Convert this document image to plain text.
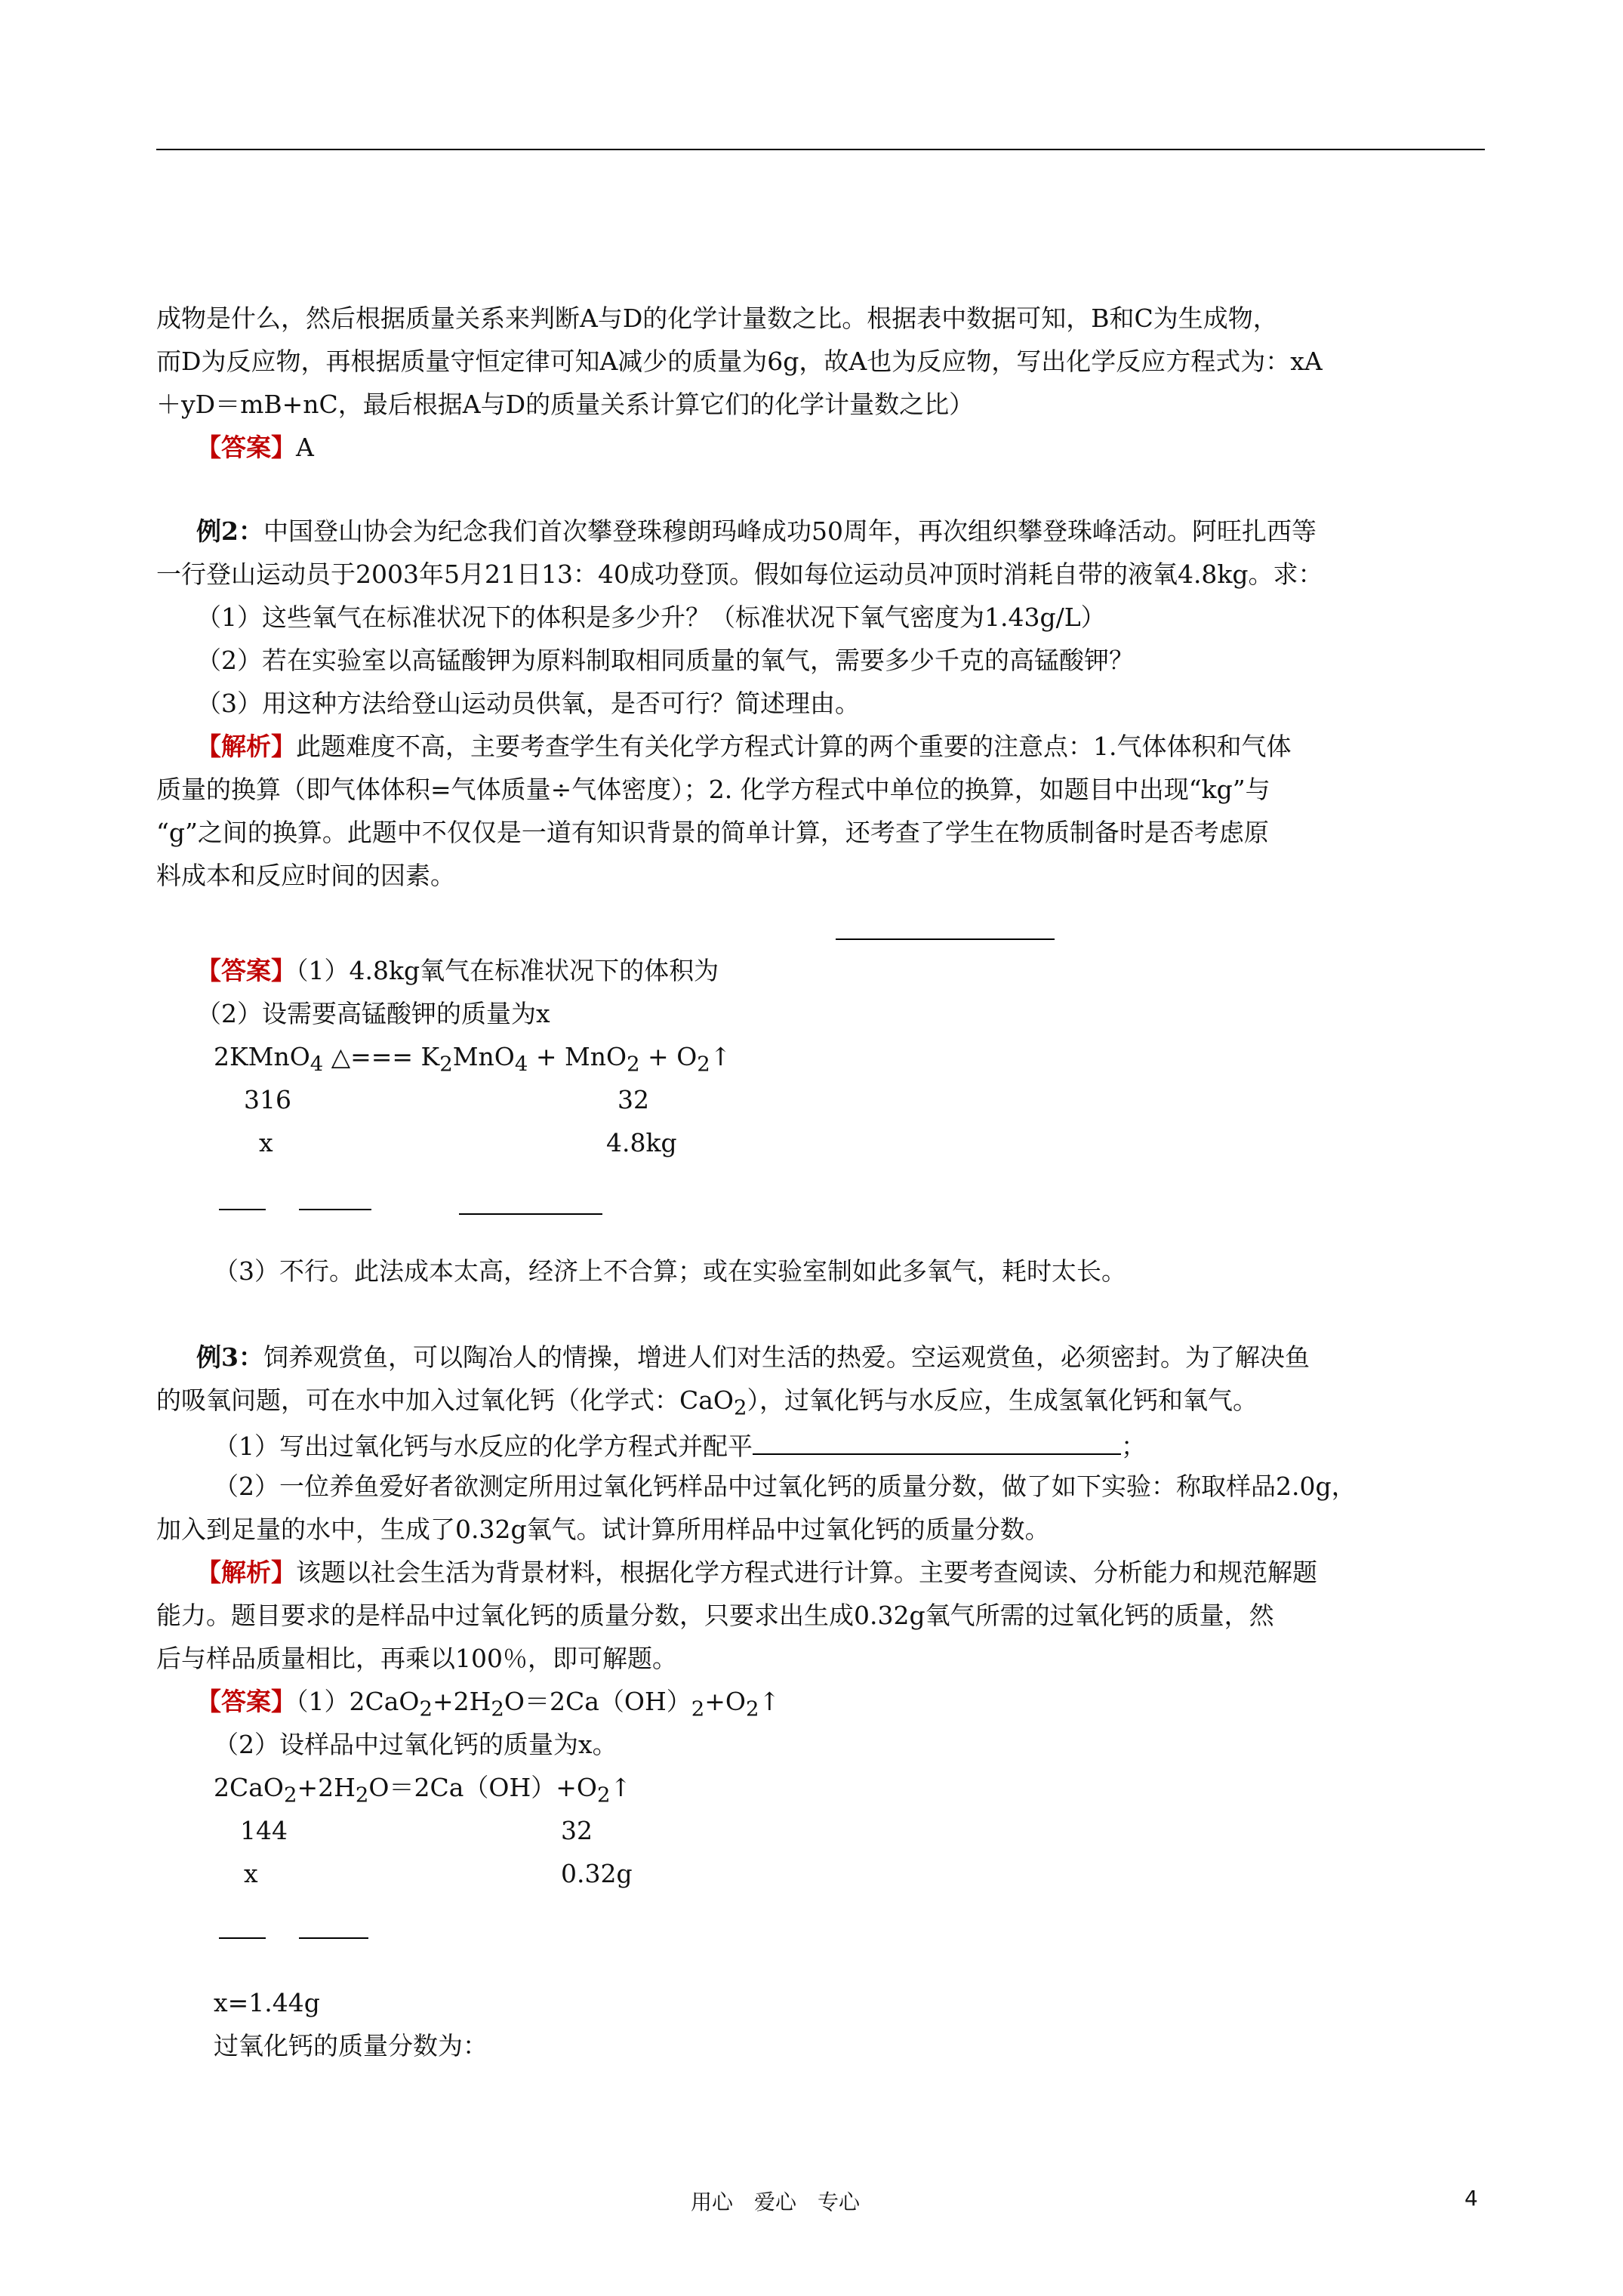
成物是什么，然后根据质量关系来判断A与D的化学计量数之比。根据表中数据可知，B和C为生成物，
而D为反应物，再根据质量守恒定律可知A减少的质量为6g，故A也为反应物，写出化学反应方程式为：xA
＋yD＝mB+nC，最后根据A与D的质量关系计算它们的化学计量数之比）
【答案】A
例2：中国登山协会为纪念我们首次攀登珠穆朗玛峰成功50周年，再次组织攀登珠峰活动。阿旺扎西等
一行登山运动员于2003年5月21日13：40成功登顶。假如每位运动员冲顶时消耗自带的液氧4.8kg。求：
（1）这些氧气在标准状况下的体积是多少升？（标准状况下氧气密度为1.43g/L）
（2）若在实验室以高锰酸钾为原料制取相同质量的氧气，需要多少千克的高锰酸钾？
（3）用这种方法给登山运动员供氧，是否可行？简述理由。
【解析】此题难度不高，主要考查学生有关化学方程式计算的两个重要的注意点：1.气体体积和气体
质量的换算（即气体体积=气体质量÷气体密度）；2. 化学方程式中单位的换算，如题目中出现“kg”与
“g”之间的换算。此题中不仅仅是一道有知识背景的简单计算，还考查了学生在物质制备时是否考虑原
料成本和反应时间的因素。
【答案】（1）4.8kg氧气在标准状况下的体积为
（2）设需要高锰酸钾的质量为x
2KMnO$_4$ △=== $K_2MnO_4 + MnO_2$ + $O_2↑$
316	32
x	4.8kg
（3）不行。此法成本太高，经济上不合算；或在实验室制如此多氧气，耗时太长。
例3：饲养观赏鱼，可以陶冶人的情操，增进人们对生活的热爱。空运观赏鱼，必须密封。为了解决鱼
的吸氧问题，可在水中加入过氧化钙（化学式：CaO$_2$），过氧化钙与水反应，生成氢氧化钙和氧气。
（1）写出过氧化钙与水反应的化学方程式并配平	；
（2）一位养鱼爱好者欲测定所用过氧化钙样品中过氧化钙的质量分数，做了如下实验：称取样品2.0g，
加入到足量的水中，生成了0.32g氧气。试计算所用样品中过氧化钙的质量分数。
【解析】该题以社会生活为背景材料，根据化学方程式进行计算。主要考查阅读、分析能力和规范解题
能力。题目要求的是样品中过氧化钙的质量分数，只要求出生成0.32g氧气所需的过氧化钙的质量，然
后与样品质量相比，再乘以100％，即可解题。
【答案】$(1)2CaO_2+2H_2O=2Ca(OH)_2+O_2↑$
（2）设样品中过氧化钙的质量为x。
$2CaO_2+2H_2O=2Ca(OH)+O_2↑$
144	32
x	0.32g
x=1.44g
过氧化钙的质量分数为：
用心　爱心　专心	4
